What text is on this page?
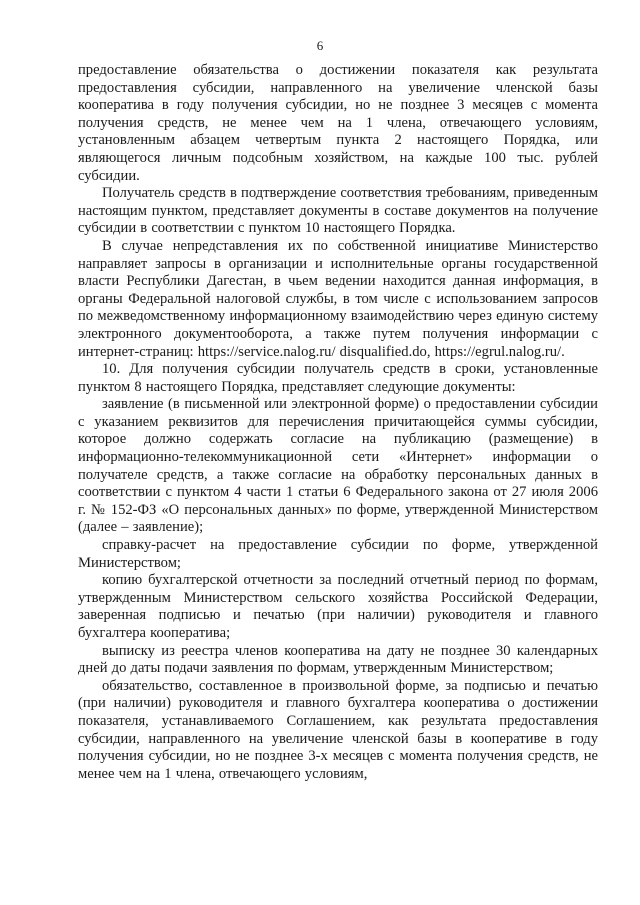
6

предоставление обязательства о достижении показателя как результата предоставления субсидии, направленного на увеличение членской базы кооператива в году получения субсидии, но не позднее 3 месяцев с момента получения средств, не менее чем на 1 члена, отвечающего условиям, установленным абзацем четвертым пункта 2 настоящего Порядка, или являющегося личным подсобным хозяйством, на каждые 100 тыс. рублей субсидии.

Получатель средств в подтверждение соответствия требованиям, приведенным настоящим пунктом, представляет документы в составе документов на получение субсидии в соответствии с пунктом 10 настоящего Порядка.

В случае непредставления их по собственной инициативе Министерство направляет запросы в организации и исполнительные органы государственной власти Республики Дагестан, в чьем ведении находится данная информация, в органы Федеральной налоговой службы, в том числе с использованием запросов по межведомственному информационному взаимодействию через единую систему электронного документооборота, а также путем получения информации с интернет-страниц: https://service.nalog.ru/ disqualified.do, https://egrul.nalog.ru/.

10. Для получения субсидии получатель средств в сроки, установленные пунктом 8 настоящего Порядка, представляет следующие документы:

заявление (в письменной или электронной форме) о предоставлении субсидии с указанием реквизитов для перечисления причитающейся суммы субсидии, которое должно содержать согласие на публикацию (размещение) в информационно-телекоммуникационной сети «Интернет» информации о получателе средств, а также согласие на обработку персональных данных в соответствии с пунктом 4 части 1 статьи 6 Федерального закона от 27 июля 2006 г. № 152-ФЗ «О персональных данных» по форме, утвержденной Министерством (далее – заявление);

справку-расчет на предоставление субсидии по форме, утвержденной Министерством;

копию бухгалтерской отчетности за последний отчетный период по формам, утвержденным Министерством сельского хозяйства Российской Федерации, заверенная подписью и печатью (при наличии) руководителя и главного бухгалтера кооператива;

выписку из реестра членов кооператива на дату не позднее 30 календарных дней до даты подачи заявления по формам, утвержденным Министерством;

обязательство, составленное в произвольной форме, за подписью и печатью (при наличии) руководителя и главного бухгалтера кооператива о достижении показателя, устанавливаемого Соглашением, как результата предоставления субсидии, направленного на увеличение членской базы в кооперативе в году получения субсидии, но не позднее 3-х месяцев с момента получения средств, не менее чем на 1 члена, отвечающего условиям,
